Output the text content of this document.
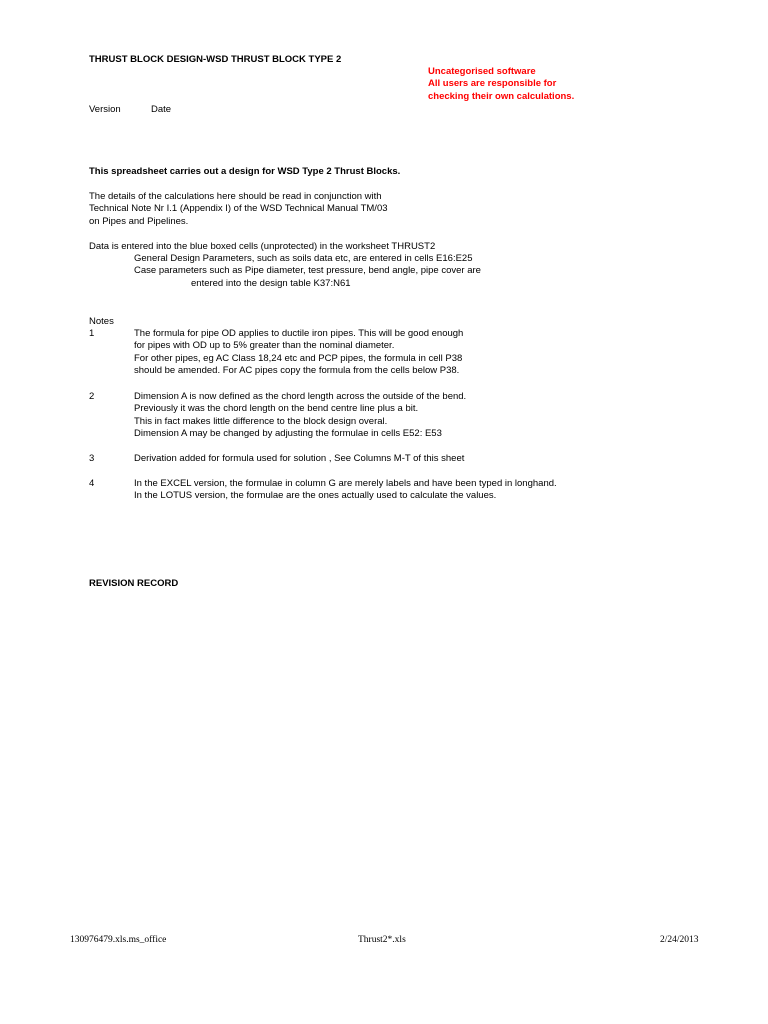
THRUST BLOCK DESIGN-WSD THRUST BLOCK TYPE 2
Uncategorised software
All users are responsible for
checking their own calculations.
Version	Date
This spreadsheet carries out a design for WSD Type 2 Thrust Blocks.
The details of the calculations here should be read in conjunction with
Technical Note Nr I.1 (Appendix I) of the WSD Technical Manual TM/03
on Pipes and Pipelines.
Data is entered into the blue boxed cells (unprotected) in the worksheet THRUST2
General Design Parameters, such as soils data etc, are entered in cells E16:E25
Case parameters such as Pipe diameter, test pressure, bend angle, pipe cover are
entered into the design table K37:N61
Notes
1	The formula for pipe OD applies to ductile iron pipes. This will be good enough
for pipes with OD up to 5% greater than the nominal diameter.
For other pipes, eg AC Class 18,24 etc and PCP pipes, the formula in cell P38
should be amended. For AC pipes copy the formula from the cells below P38.
2	Dimension A is now defined as the chord length across the outside of the bend.
Previously it was the chord length on the bend centre line plus a bit.
This in fact makes little difference to the block design overal.
Dimension A may be changed by adjusting the formulae in cells E52: E53
3	Derivation added for formula used for solution , See Columns M-T of this sheet
4	In the EXCEL version, the formulae in column G are merely labels and have been typed in longhand.
In the LOTUS version, the formulae are the ones actually used to calculate the values.
REVISION RECORD
130976479.xls.ms_office	Thrust2*.xls	2/24/2013
